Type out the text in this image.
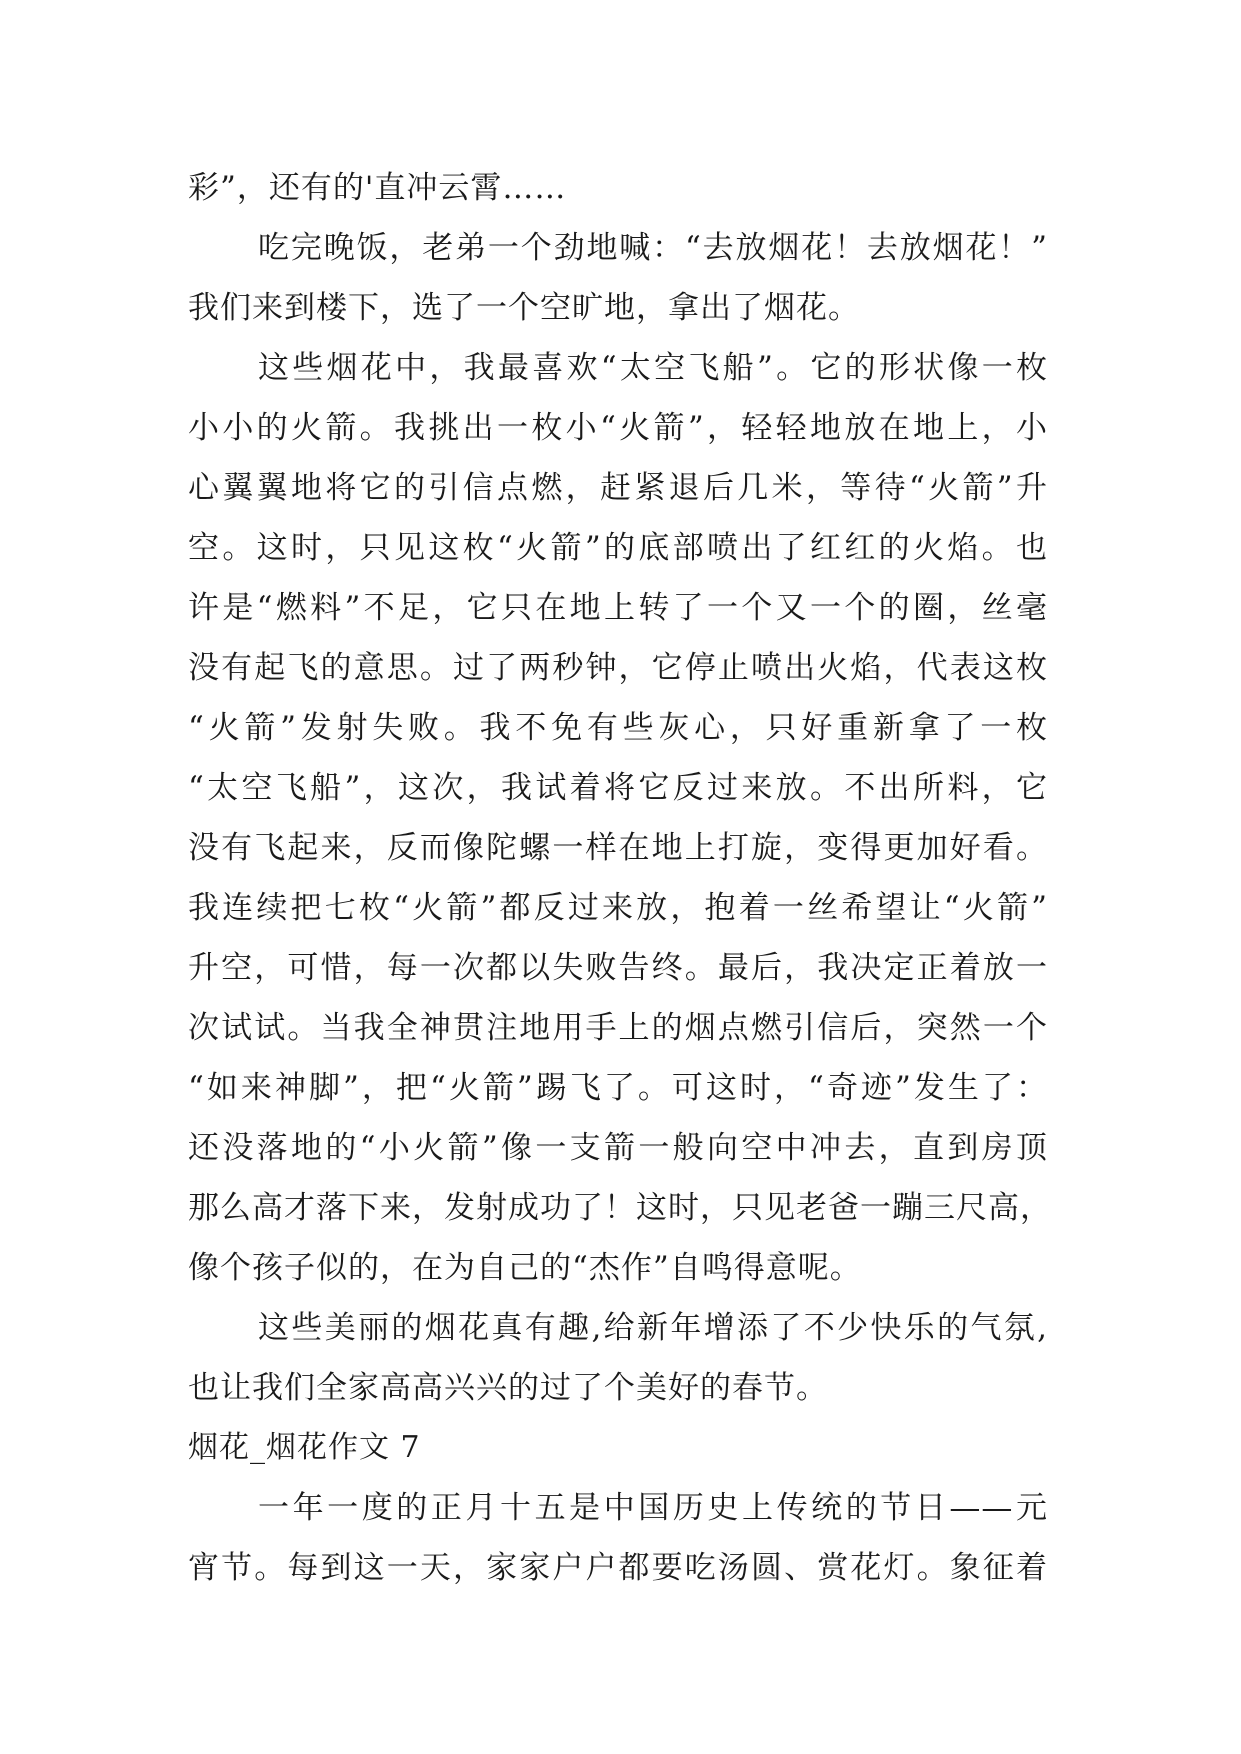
彩”，还有的'直冲云霄……
吃完晚饭，老弟一个劲地喊：“去放烟花！去放烟花！”
我们来到楼下，选了一个空旷地，拿出了烟花。
这些烟花中，我最喜欢“太空飞船”。它的形状像一枚
小小的火箭。我挑出一枚小“火箭”，轻轻地放在地上，小
心翼翼地将它的引信点燃，赶紧退后几米，等待“火箭”升
空。这时，只见这枚“火箭”的底部喷出了红红的火焰。也
许是“燃料”不足，它只在地上转了一个又一个的圈，丝毫
没有起飞的意思。过了两秒钟，它停止喷出火焰，代表这枚
“火箭”发射失败。我不免有些灰心，只好重新拿了一枚
“太空飞船”，这次，我试着将它反过来放。不出所料，它
没有飞起来，反而像陀螺一样在地上打旋，变得更加好看。
我连续把七枚“火箭”都反过来放，抱着一丝希望让“火箭”
升空，可惜，每一次都以失败告终。最后，我决定正着放一
次试试。当我全神贯注地用手上的烟点燃引信后，突然一个
“如来神脚”，把“火箭”踢飞了。可这时，“奇迹”发生了：
还没落地的“小火箭”像一支箭一般向空中冲去，直到房顶
那么高才落下来，发射成功了！这时，只见老爸一蹦三尺高，
像个孩子似的，在为自己的“杰作”自鸣得意呢。
这些美丽的烟花真有趣,给新年增添了不少快乐的气氛,
也让我们全家高高兴兴的过了个美好的春节。
烟花_烟花作文 7
一年一度的正月十五是中国历史上传统的节日——元
宵节。每到这一天，家家户户都要吃汤圆、赏花灯。象征着
